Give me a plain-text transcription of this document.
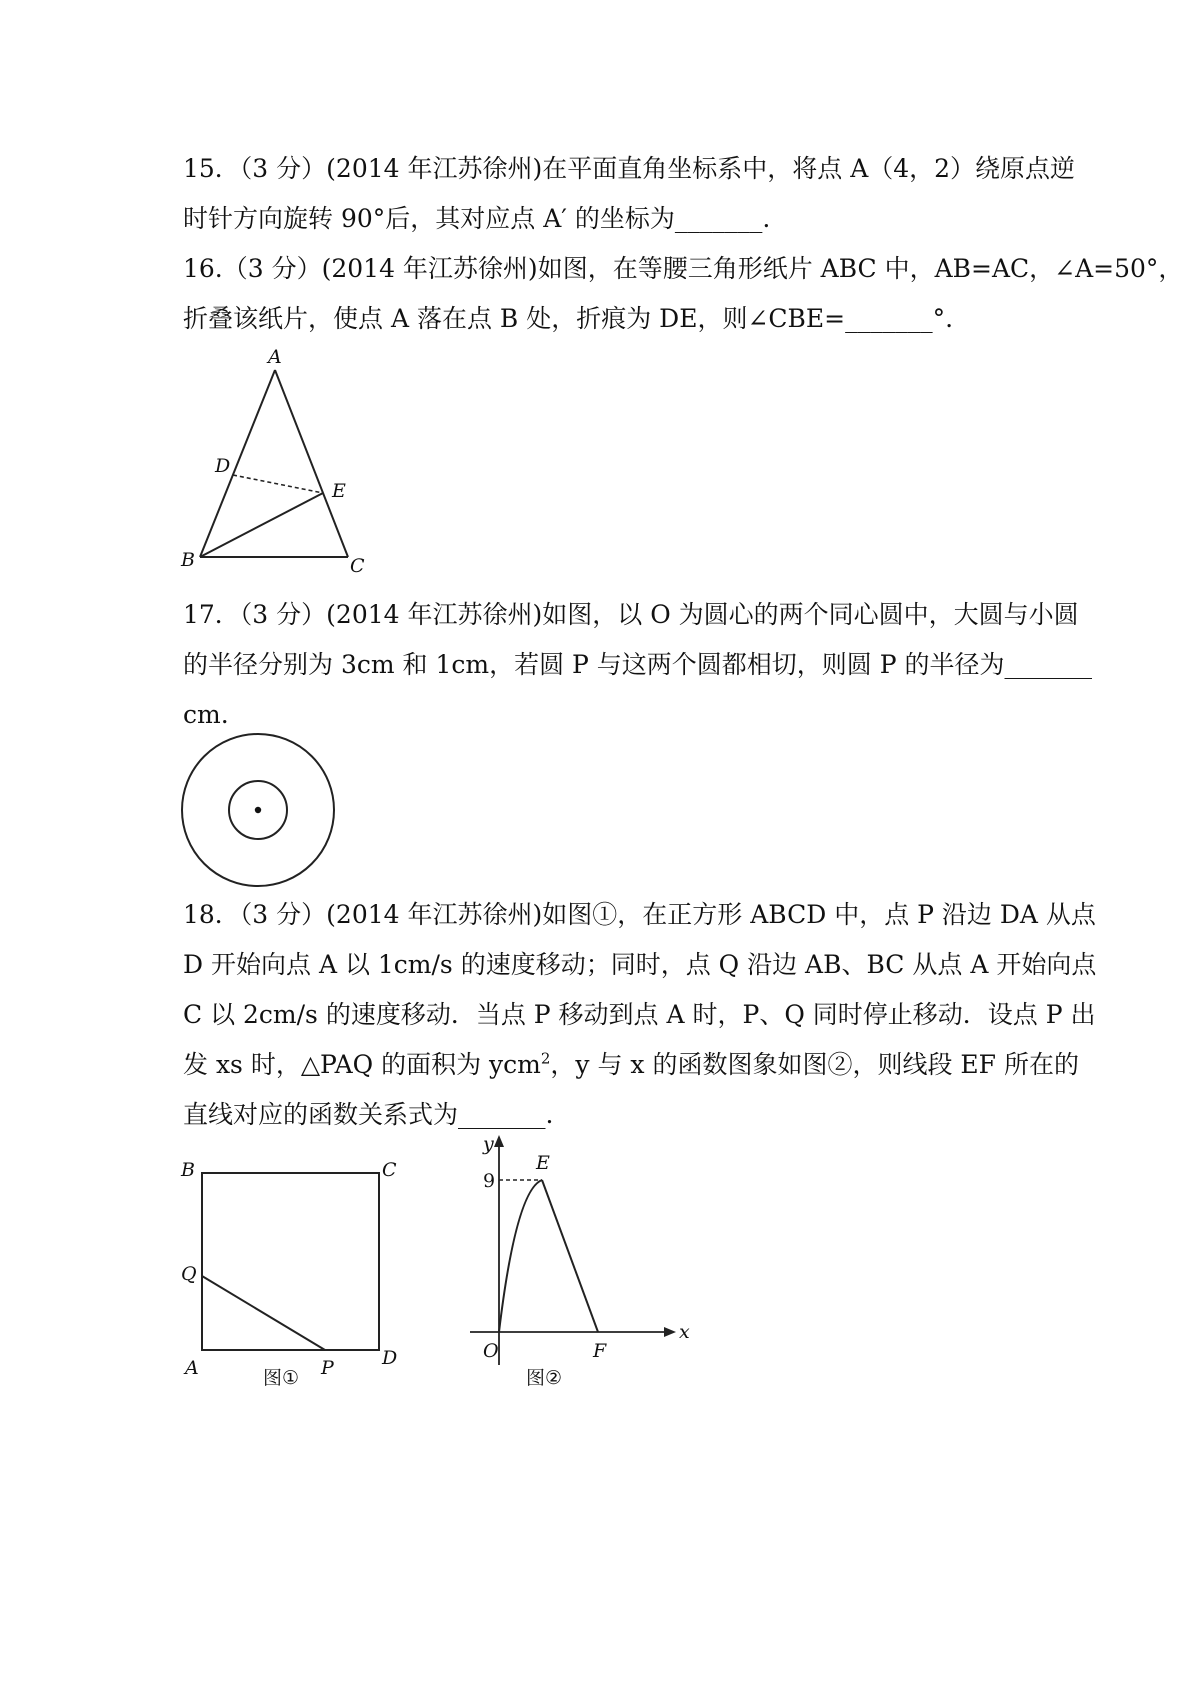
15．（3 分）(2014 年江苏徐州)在平面直角坐标系中，将点 A（4，2）绕原点逆
时针方向旋转 90°后，其对应点 A′ 的坐标为_______.
16.（3 分）(2014 年江苏徐州)如图，在等腰三角形纸片 ABC 中，AB=AC，∠A=50°，
折叠该纸片，使点 A 落在点 B 处，折痕为 DE，则∠CBE=_______°.
A
B	C
D
E
17．（3 分）(2014 年江苏徐州)如图，以 O 为圆心的两个同心圆中，大圆与小圆
的半径分别为 3cm 和 1cm，若圆 P 与这两个圆都相切，则圆 P 的半径为_______
cm.
18．（3 分）(2014 年江苏徐州)如图①，在正方形 ABCD 中，点 P 沿边 DA 从点
D 开始向点 A 以 1cm/s 的速度移动；同时，点 Q 沿边 AB、BC 从点 A 开始向点
C 以 2cm/s 的速度移动．当点 P 移动到点 A 时，P、Q 同时停止移动．设点 P 出
发 xs 时，△PAQ 的面积为 ycm$^2$，y 与 x 的函数图象如图②，则线段 EF 所在的
直线对应的函数关系式为_______.
B	C
Q
A	D
P
图①
y
x
E
O	F
9
图②
